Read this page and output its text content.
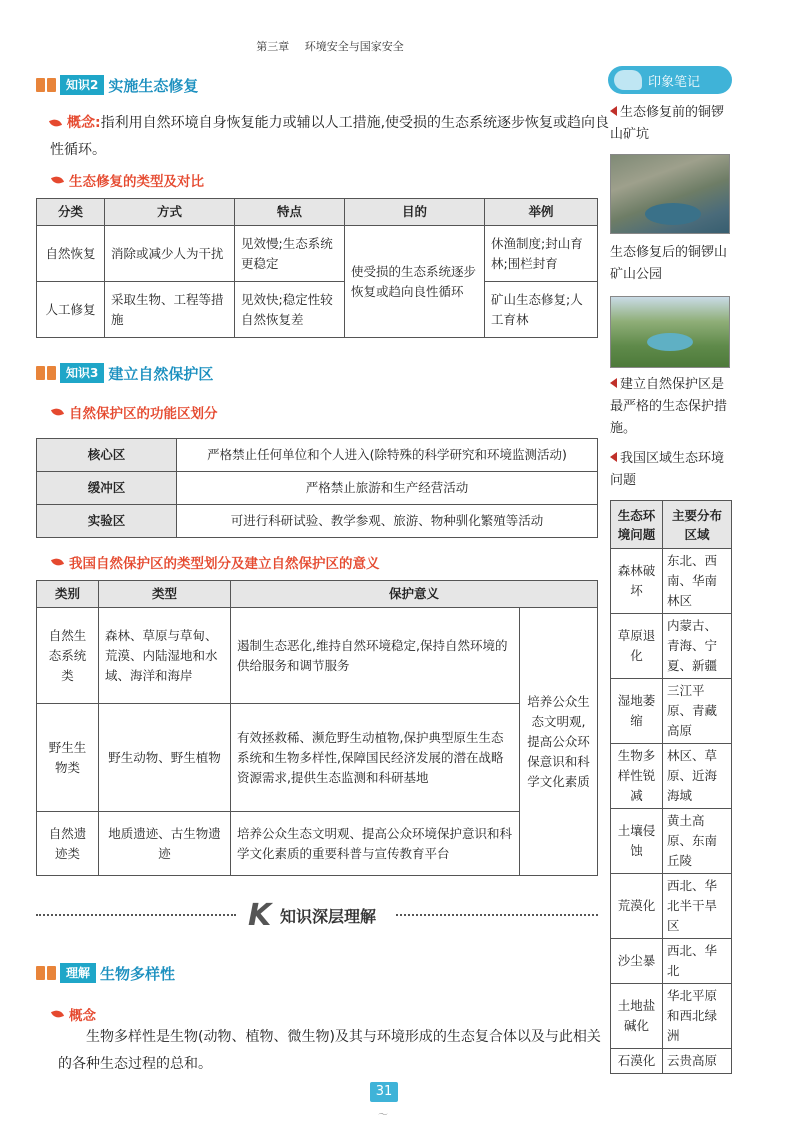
第三章 环境安全与国家安全
知识2 实施生态修复
概念:指利用自然环境自身恢复能力或辅以人工措施,使受损的生态系统逐步恢复或趋向良性循环。
生态修复的类型及对比
分类	方式	特点	目的	举例
自然恢复	消除或减少人为干扰	见效慢;生态系统更稳定	使受损的生态系统逐步恢复或趋向良性循环	休渔制度;封山育林;围栏封育
人工修复	采取生物、工程等措施	见效快;稳定性较自然恢复差		矿山生态修复;人工育林
知识3 建立自然保护区
自然保护区的功能区划分
核心区	严格禁止任何单位和个人进入(除特殊的科学研究和环境监测活动)
缓冲区	严格禁止旅游和生产经营活动
实验区	可进行科研试验、教学参观、旅游、物种驯化繁殖等活动
我国自然保护区的类型划分及建立自然保护区的意义
类别	类型	保护意义	
自然生态系统类	森林、草原与草甸、荒漠、内陆湿地和水域、海洋和海岸	遏制生态恶化,维持自然环境稳定,保持自然环境的供给服务和调节服务	培养公众生态文明观,提高公众环保意识和科学文化素质
野生生物类	野生动物、野生植物	有效拯救稀、濒危野生动植物,保护典型原生生态系统和生物多样性,保障国民经济发展的潜在战略资源需求,提供生态监测和科研基地	
自然遗迹类	地质遗迹、古生物遗迹	培养公众生态文明观、提高公众环境保护意识和科学文化素质的重要科普与宣传教育平台	
K 知识深层理解
理解 生物多样性
概念
生物多样性是生物(动物、植物、微生物)及其与环境形成的生态复合体以及与此相关的各种生态过程的总和。
31
〜
印象笔记
生态修复前的铜锣山矿坑
生态修复后的铜锣山矿山公园
建立自然保护区是最严格的生态保护措施。
我国区域生态环境问题
生态环境问题	主要分布区域
森林破坏	东北、西南、华南林区
草原退化	内蒙古、青海、宁夏、新疆
湿地萎缩	三江平原、青藏高原
生物多样性锐减	林区、草原、近海海域
土壤侵蚀	黄土高原、东南丘陵
荒漠化	西北、华北半干旱区
沙尘暴	西北、华北
土地盐碱化	华北平原和西北绿洲
石漠化	云贵高原
